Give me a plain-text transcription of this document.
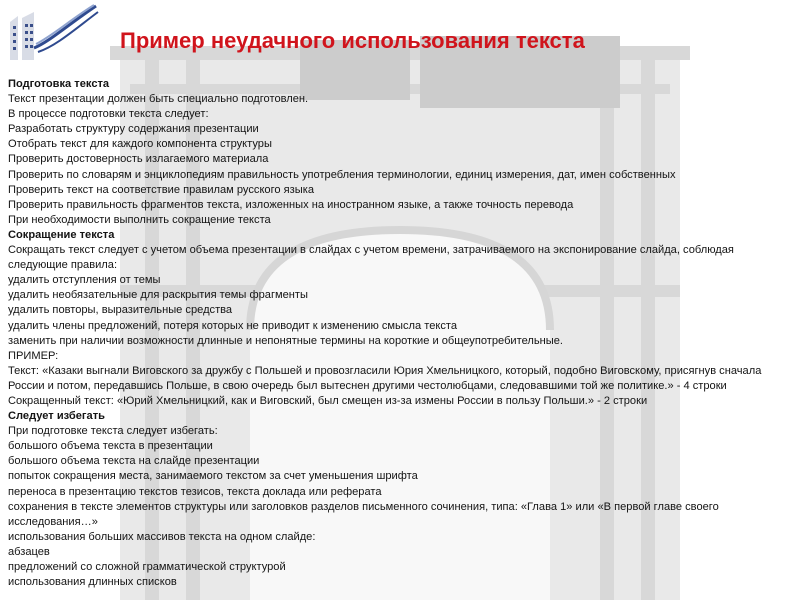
Пример неудачного использования текста
Подготовка текста
Текст презентации должен быть специально подготовлен.
В процессе подготовки текста следует:
Разработать структуру содержания презентации
Отобрать текст для каждого компонента структуры
Проверить достоверность излагаемого материала
Проверить по словарям и энциклопедиям правильность употребления терминологии, единиц измерения, дат, имен собственных
Проверить текст на соответствие правилам русского языка
Проверить правильность фрагментов текста, изложенных на иностранном языке, а также точность перевода
При необходимости выполнить сокращение текста
Сокращение текста
Сокращать текст следует с учетом объема презентации в слайдах с учетом времени, затрачиваемого на экспонирование слайда, соблюдая следующие правила:
удалить отступления от темы
удалить необязательные для раскрытия темы фрагменты
удалить повторы, выразительные средства
удалить члены предложений, потеря которых не приводит к изменению смысла текста
заменить при наличии возможности длинные и непонятные термины на короткие и общеупотребительные.
ПРИМЕР:
Текст: «Казаки выгнали Виговского за дружбу с Польшей и провозгласили Юрия Хмельницкого, который, подобно Виговскому, присягнув сначала России и потом, передавшись Польше, в свою очередь был вытеснен другими честолюбцами, следовавшими той же политике.» - 4 строки
Сокращенный текст: «Юрий Хмельницкий, как и Виговский, был смещен из-за измены России в пользу Польши.» - 2 строки
Следует избегать
При подготовке текста следует избегать:
большого объема текста в презентации
большого объема текста на слайде презентации
попыток сокращения места, занимаемого текстом за счет уменьшения шрифта
переноса в презентацию текстов тезисов, текста доклада или реферата
сохранения в тексте элементов структуры или заголовков разделов письменного сочинения, типа: «Глава 1» или «В первой главе своего исследования…»
использования больших массивов текста на одном слайде:
абзацев
предложений со сложной грамматической структурой
использования длинных списков
